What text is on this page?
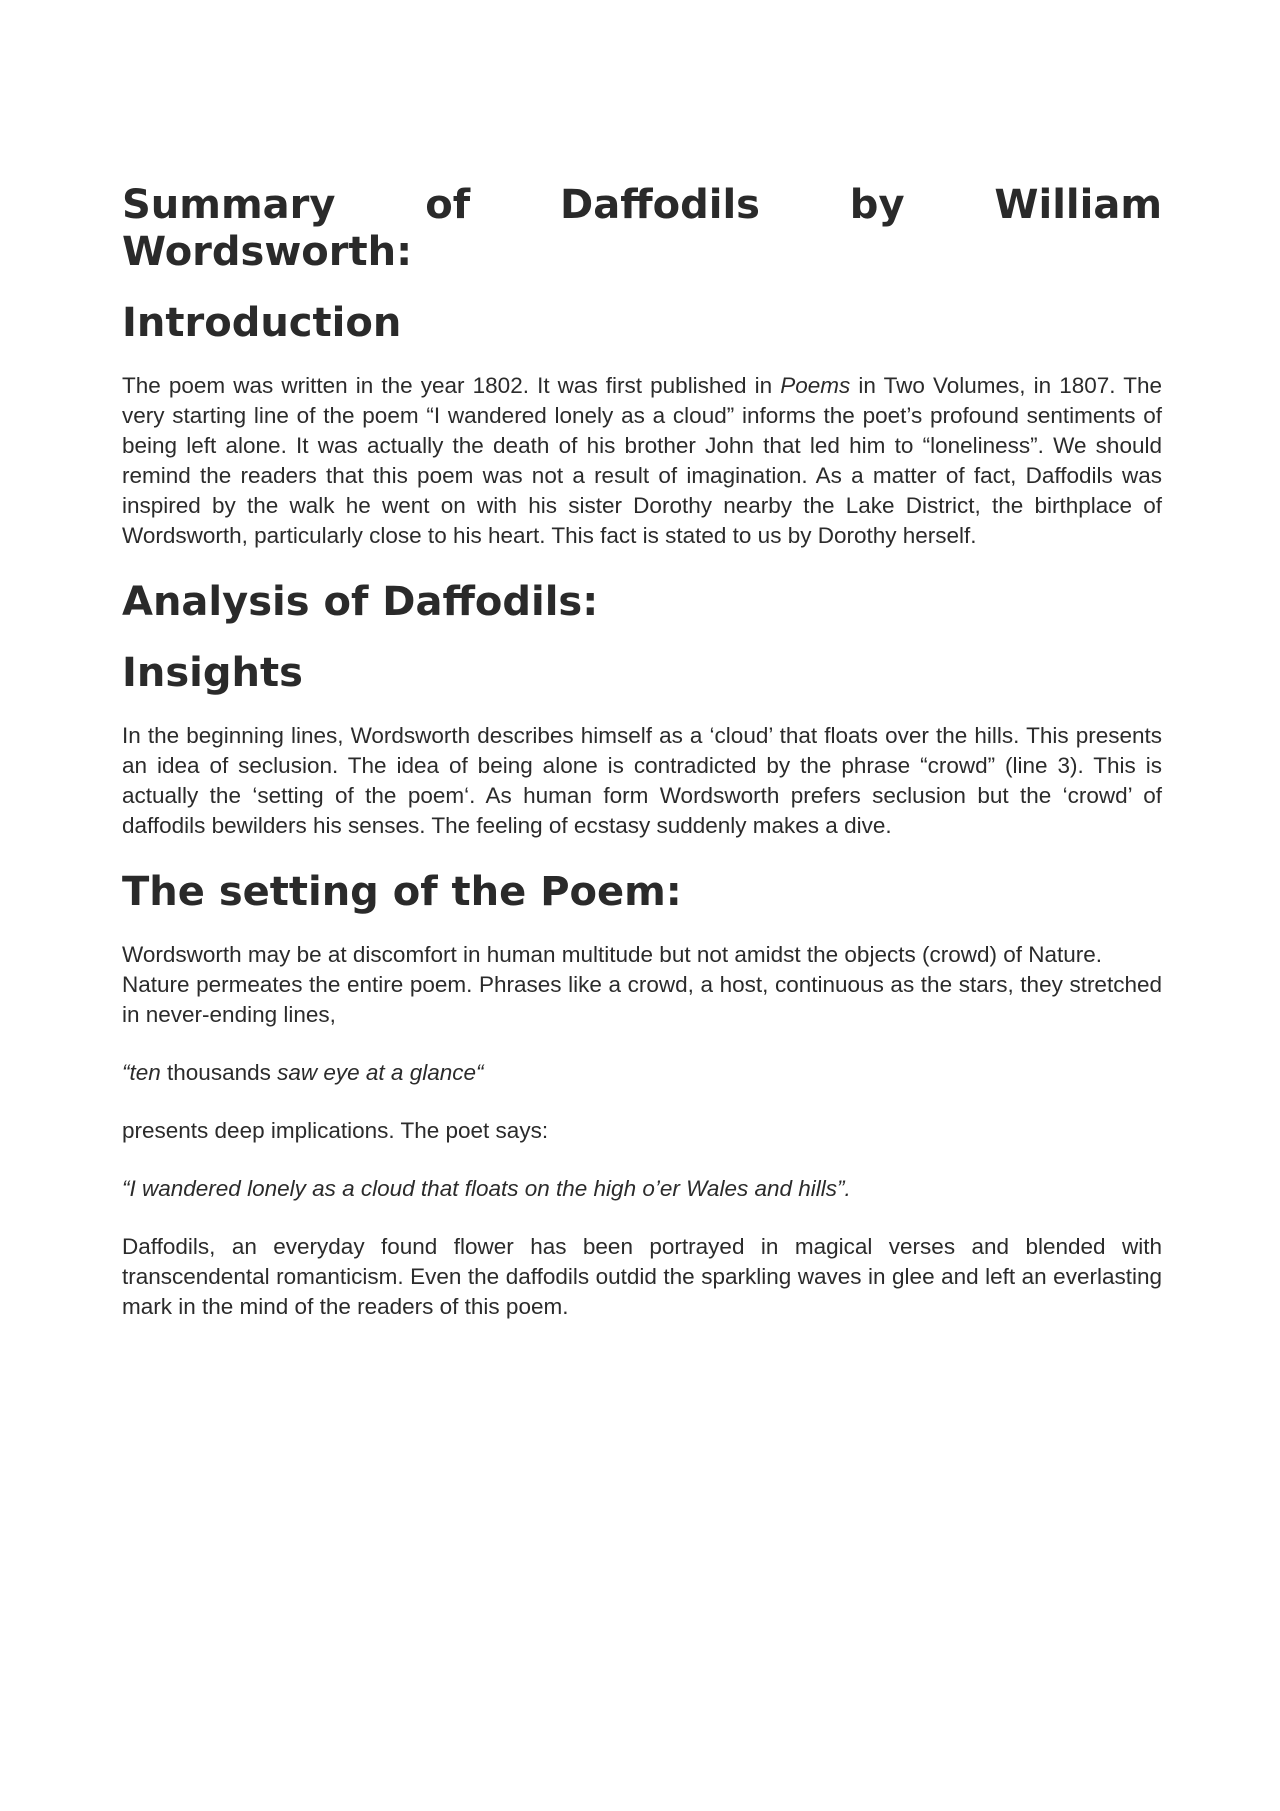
Summary of Daffodils by William Wordsworth:
Introduction

The poem was written in the year 1802. It was first published in Poems in Two Volumes, in 1807. The very starting line of the poem “I wandered lonely as a cloud” informs the poet’s profound sentiments of being left alone. It was actually the death of his brother John that led him to “loneliness”. We should remind the readers that this poem was not a result of imagination. As a matter of fact, Daffodils was inspired by the walk he went on with his sister Dorothy nearby the Lake District, the birthplace of Wordsworth, particularly close to his heart. This fact is stated to us by Dorothy herself.

Analysis of Daffodils:
Insights

In the beginning lines, Wordsworth describes himself as a ‘cloud’ that floats over the hills. This presents an idea of seclusion. The idea of being alone is contradicted by the phrase “crowd” (line 3). This is actually the ‘setting of the poem‘. As human form Wordsworth prefers seclusion but the ‘crowd’ of daffodils bewilders his senses. The feeling of ecstasy suddenly makes a dive.

The setting of the Poem:

Wordsworth may be at discomfort in human multitude but not amidst the objects (crowd) of Nature.

Nature permeates the entire poem. Phrases like a crowd, a host, continuous as the stars, they stretched in never-ending lines,

“ten thousands saw eye at a glance“

presents deep implications. The poet says:

“I wandered lonely as a cloud that floats on the high o’er Wales and hills”.

Daffodils, an everyday found flower has been portrayed in magical verses and blended with transcendental romanticism. Even the daffodils outdid the sparkling waves in glee and left an everlasting mark in the mind of the readers of this poem.
